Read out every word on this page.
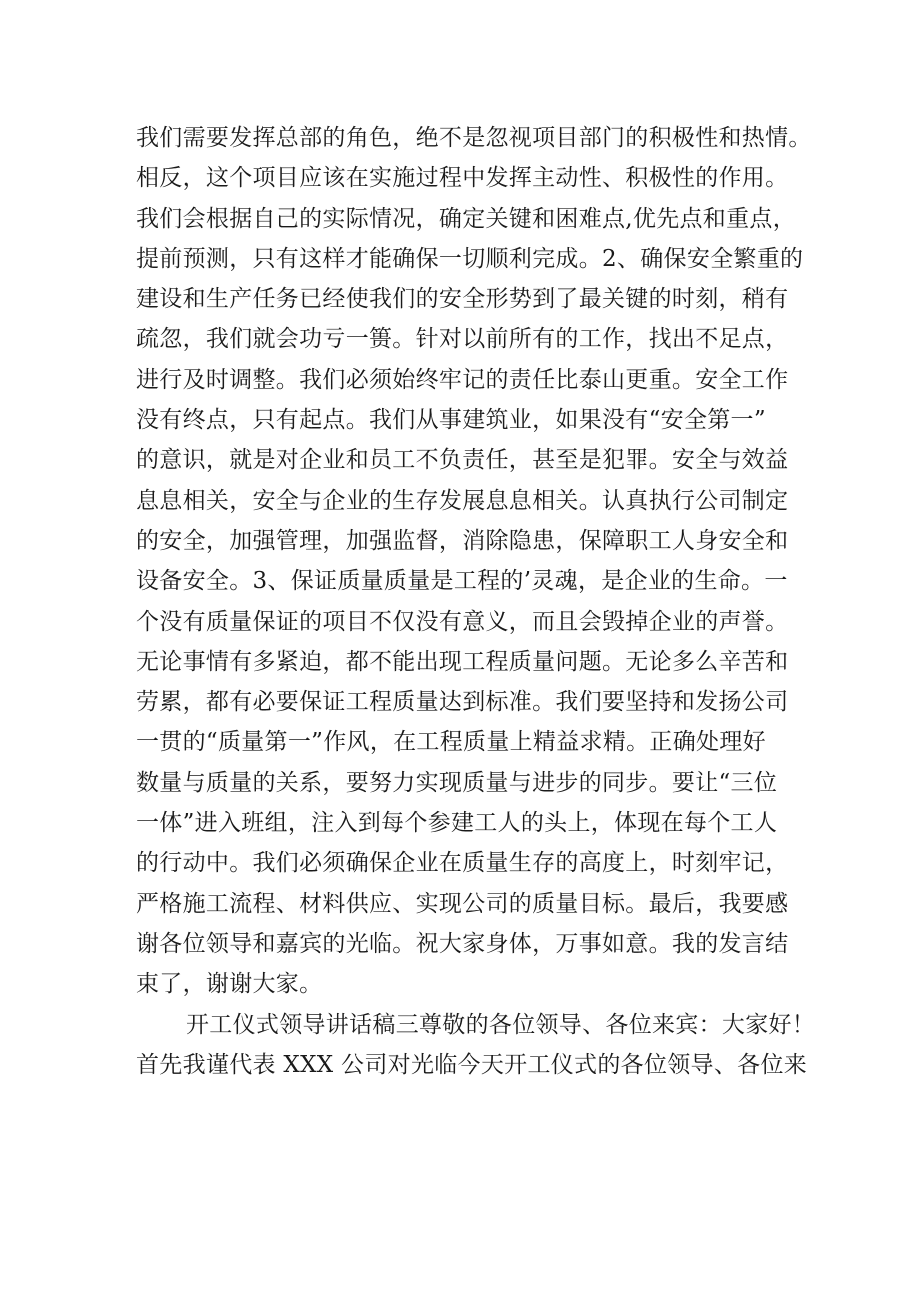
我们需要发挥总部的角色，绝不是忽视项目部门的积极性和热情。
相反，这个项目应该在实施过程中发挥主动性、积极性的作用。
我们会根据自己的实际情况，确定关键和困难点,优先点和重点，
提前预测，只有这样才能确保一切顺利完成。2、确保安全繁重的
建设和生产任务已经使我们的安全形势到了最关键的时刻，稍有
疏忽，我们就会功亏一篑。针对以前所有的工作，找出不足点，
进行及时调整。我们必须始终牢记的责任比泰山更重。安全工作
没有终点，只有起点。我们从事建筑业，如果没有“安全第一”
的意识，就是对企业和员工不负责任，甚至是犯罪。安全与效益
息息相关，安全与企业的生存发展息息相关。认真执行公司制定
的安全，加强管理，加强监督，消除隐患，保障职工人身安全和
设备安全。3、保证质量质量是工程的’灵魂，是企业的生命。一
个没有质量保证的项目不仅没有意义，而且会毁掉企业的声誉。
无论事情有多紧迫，都不能出现工程质量问题。无论多么辛苦和
劳累，都有必要保证工程质量达到标准。我们要坚持和发扬公司
一贯的“质量第一”作风，在工程质量上精益求精。正确处理好
数量与质量的关系，要努力实现质量与进步的同步。要让“三位
一体”进入班组，注入到每个参建工人的头上，体现在每个工人
的行动中。我们必须确保企业在质量生存的高度上，时刻牢记，
严格施工流程、材料供应、实现公司的质量目标。最后，我要感
谢各位领导和嘉宾的光临。祝大家身体，万事如意。我的发言结
束了，谢谢大家。
开工仪式领导讲话稿三尊敬的各位领导、各位来宾：大家好！
首先我谨代表 XXX 公司对光临今天开工仪式的各位领导、各位来
